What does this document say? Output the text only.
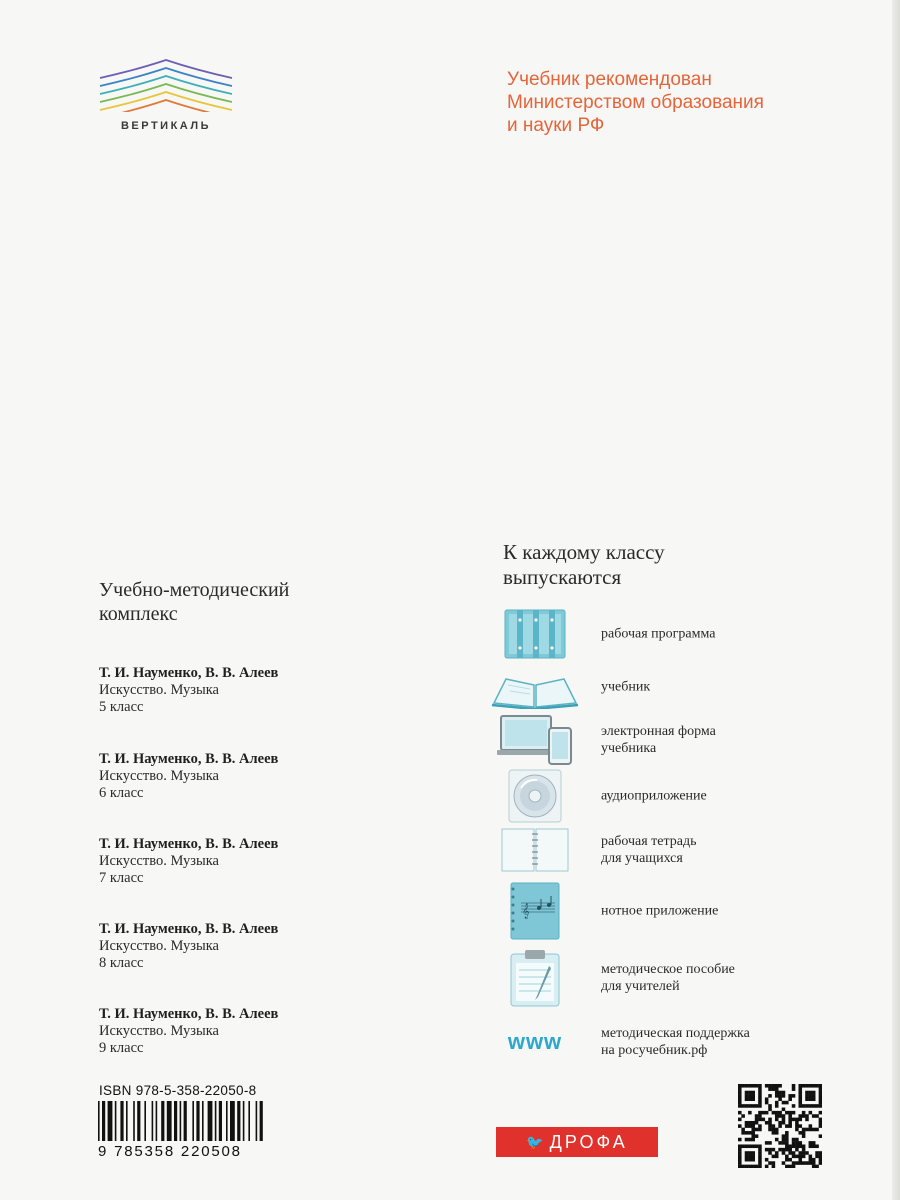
ВЕРТИКАЛЬ
Учебник рекомендован
Министерством образования
и науки РФ
Учебно-методический
комплекс
Т. И. Науменко, В. В. Алеев
Искусство. Музыка
5 класс
Т. И. Науменко, В. В. Алеев
Искусство. Музыка
6 класс
Т. И. Науменко, В. В. Алеев
Искусство. Музыка
7 класс
Т. И. Науменко, В. В. Алеев
Искусство. Музыка
8 класс
Т. И. Науменко, В. В. Алеев
Искусство. Музыка
9 класс
К каждому классу
выпускаются
рабочая программа
учебник
электронная форма
учебника
аудиоприложение
рабочая тетрадь
для учащихся
𝄞	нотное приложение
методическое пособие
для учителей
www	методическая поддержка
на росучебник.рф
ISBN 978-5-358-22050-8
9 785358 220508
🐦 ДРОФА
